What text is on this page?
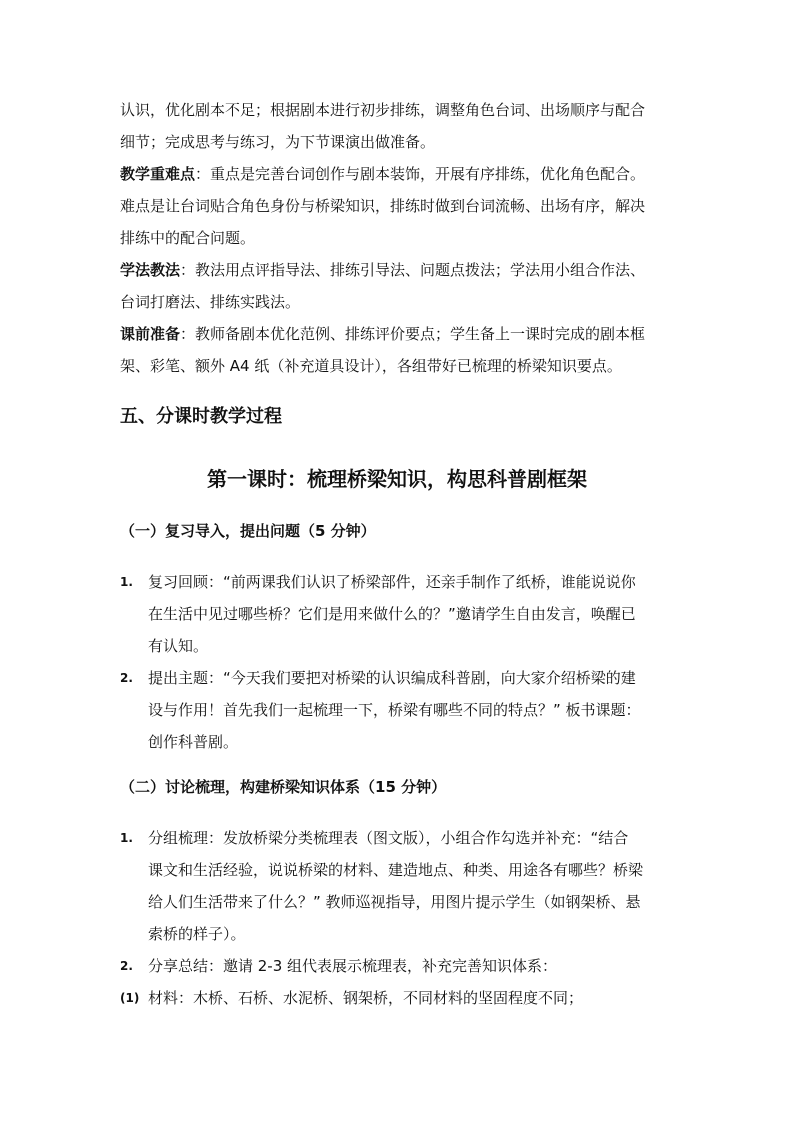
认识，优化剧本不足；根据剧本进行初步排练，调整角色台词、出场顺序与配合
细节；完成思考与练习，为下节课演出做准备。
教学重难点：重点是完善台词创作与剧本装饰，开展有序排练，优化角色配合。
难点是让台词贴合角色身份与桥梁知识，排练时做到台词流畅、出场有序，解决
排练中的配合问题。
学法教法：教法用点评指导法、排练引导法、问题点拨法；学法用小组合作法、
台词打磨法、排练实践法。
课前准备：教师备剧本优化范例、排练评价要点；学生备上一课时完成的剧本框
架、彩笔、额外 A4 纸（补充道具设计），各组带好已梳理的桥梁知识要点。
五、分课时教学过程
第一课时：梳理桥梁知识，构思科普剧框架
（一）复习导入，提出问题（5 分钟）
1. 复习回顾：“前两课我们认识了桥梁部件，还亲手制作了纸桥，谁能说说你
在生活中见过哪些桥？它们是用来做什么的？”邀请学生自由发言，唤醒已
有认知。
2. 提出主题：“今天我们要把对桥梁的认识编成科普剧，向大家介绍桥梁的建
设与作用！首先我们一起梳理一下，桥梁有哪些不同的特点？” 板书课题：
创作科普剧。
（二）讨论梳理，构建桥梁知识体系（15 分钟）
1. 分组梳理：发放桥梁分类梳理表（图文版），小组合作勾选并补充：“结合
课文和生活经验，说说桥梁的材料、建造地点、种类、用途各有哪些？桥梁
给人们生活带来了什么？” 教师巡视指导，用图片提示学生（如钢架桥、悬
索桥的样子）。
2. 分享总结：邀请 2-3 组代表展示梳理表，补充完善知识体系：
(1) 材料：木桥、石桥、水泥桥、钢架桥，不同材料的坚固程度不同；
